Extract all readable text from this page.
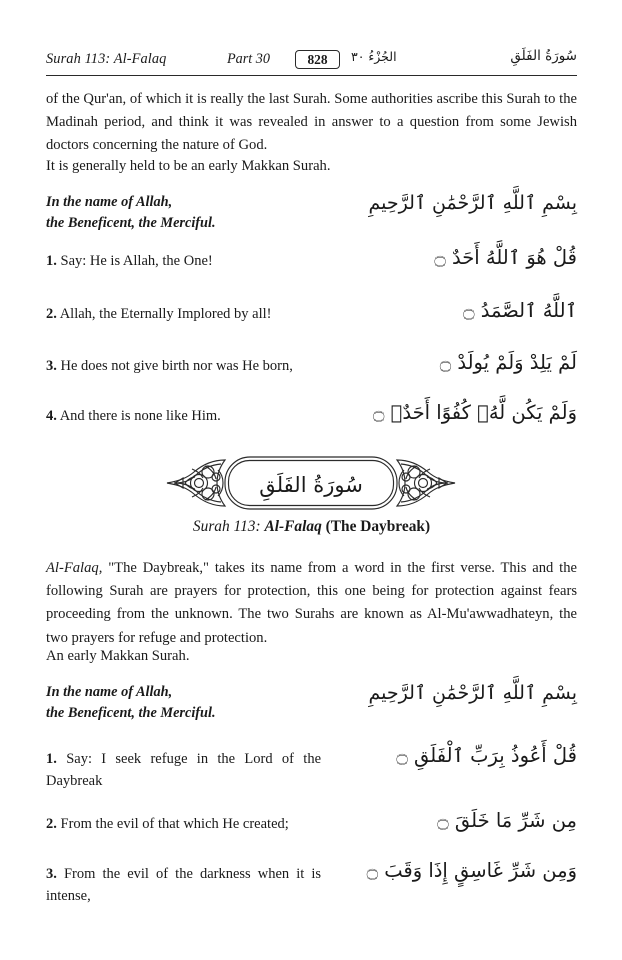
Surah 113: Al-Falaq	Part 30	828	الجُزْءُ ٣٠	سُورَةُ الفَلَقِ

of the Qur'an, of which it is really the last Surah. Some authorities ascribe this Surah to the Madinah period, and think it was revealed in answer to a question from some Jewish doctors concerning the nature of God.

It is generally held to be an early Makkan Surah.

In the name of Allah,
the Beneficent, the Merciful.
بِسْمِ ٱللَّهِ ٱلرَّحْمَٰنِ ٱلرَّحِيمِ
1. Say: He is Allah, the One!	قُلْ هُوَ ٱللَّهُ أَحَدٌ ۝
2. Allah, the Eternally Implored by all!	ٱللَّهُ ٱلصَّمَدُ ۝
3. He does not give birth nor was He born,	لَمْ يَلِدْ وَلَمْ يُولَدْ ۝
4. And there is none like Him.	وَلَمْ يَكُن لَّهُۥ كُفُوًا أَحَدٌۢ ۝
سُورَةُ الفَلَقِ
Surah 113: Al-Falaq (The Daybreak)

Al-Falaq, "The Daybreak," takes its name from a word in the first verse. This and the following Surah are prayers for protection, this one being for protection against fears proceeding from the unknown. The two Surahs are known as Al-Mu'awwadhateyn, the two prayers for refuge and protection.

An early Makkan Surah.

In the name of Allah,
the Beneficent, the Merciful.
بِسْمِ ٱللَّهِ ٱلرَّحْمَٰنِ ٱلرَّحِيمِ
1. Say: I seek refuge in the Lord of the Daybreak
قُلْ أَعُوذُ بِرَبِّ ٱلْفَلَقِ ۝
2. From the evil of that which He created;	مِن شَرِّ مَا خَلَقَ ۝
3. From the evil of the darkness when it is intense,
وَمِن شَرِّ غَاسِقٍ إِذَا وَقَبَ ۝
